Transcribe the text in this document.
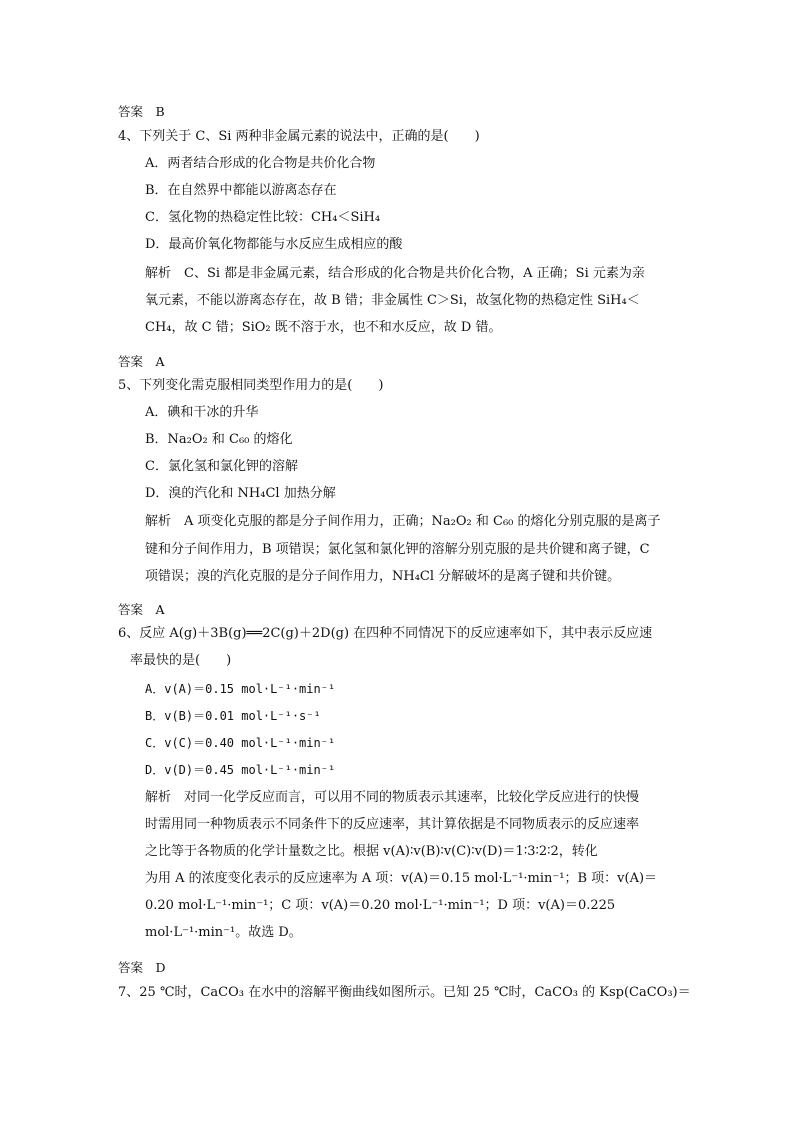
答案　B
4、下列关于 C、Si 两种非金属元素的说法中，正确的是(　　)
A．两者结合形成的化合物是共价化合物
B．在自然界中都能以游离态存在
C．氢化物的热稳定性比较：CH₄＜SiH₄
D．最高价氧化物都能与水反应生成相应的酸
解析　C、Si 都是非金属元素，结合形成的化合物是共价化合物，A 正确；Si 元素为亲
氧元素，不能以游离态存在，故 B 错；非金属性 C＞Si，故氢化物的热稳定性 SiH₄＜
CH₄，故 C 错；SiO₂ 既不溶于水，也不和水反应，故 D 错。
答案　A
5、下列变化需克服相同类型作用力的是(　　)
A．碘和干冰的升华
B．Na₂O₂ 和 C₆₀ 的熔化
C．氯化氢和氯化钾的溶解
D．溴的汽化和 NH₄Cl 加热分解
解析　A 项变化克服的都是分子间作用力，正确；Na₂O₂ 和 C₆₀ 的熔化分别克服的是离子
键和分子间作用力，B 项错误；氯化氢和氯化钾的溶解分别克服的是共价键和离子键，C
项错误；溴的汽化克服的是分子间作用力，NH₄Cl 分解破坏的是离子键和共价键。
答案　A
6、反应 A(g)＋3B(g)══2C(g)＋2D(g) 在四种不同情况下的反应速率如下，其中表示反应速
率最快的是(　　)
A．v(A)＝0.15 mol·L⁻¹·min⁻¹
B．v(B)＝0.01 mol·L⁻¹·s⁻¹
C．v(C)＝0.40 mol·L⁻¹·min⁻¹
D．v(D)＝0.45 mol·L⁻¹·min⁻¹
解析　对同一化学反应而言，可以用不同的物质表示其速率，比较化学反应进行的快慢
时需用同一种物质表示不同条件下的反应速率，其计算依据是不同物质表示的反应速率
之比等于各物质的化学计量数之比。根据 v(A)∶v(B)∶v(C)∶v(D)＝1∶3∶2∶2，转化
为用 A 的浓度变化表示的反应速率为 A 项：v(A)＝0.15 mol·L⁻¹·min⁻¹；B 项：v(A)＝
0.20 mol·L⁻¹·min⁻¹；C 项：v(A)＝0.20 mol·L⁻¹·min⁻¹；D 项：v(A)＝0.225
mol·L⁻¹·min⁻¹。故选 D。
答案　D
7、25 ℃时，CaCO₃ 在水中的溶解平衡曲线如图所示。已知 25 ℃时，CaCO₃ 的 Ksp(CaCO₃)＝
